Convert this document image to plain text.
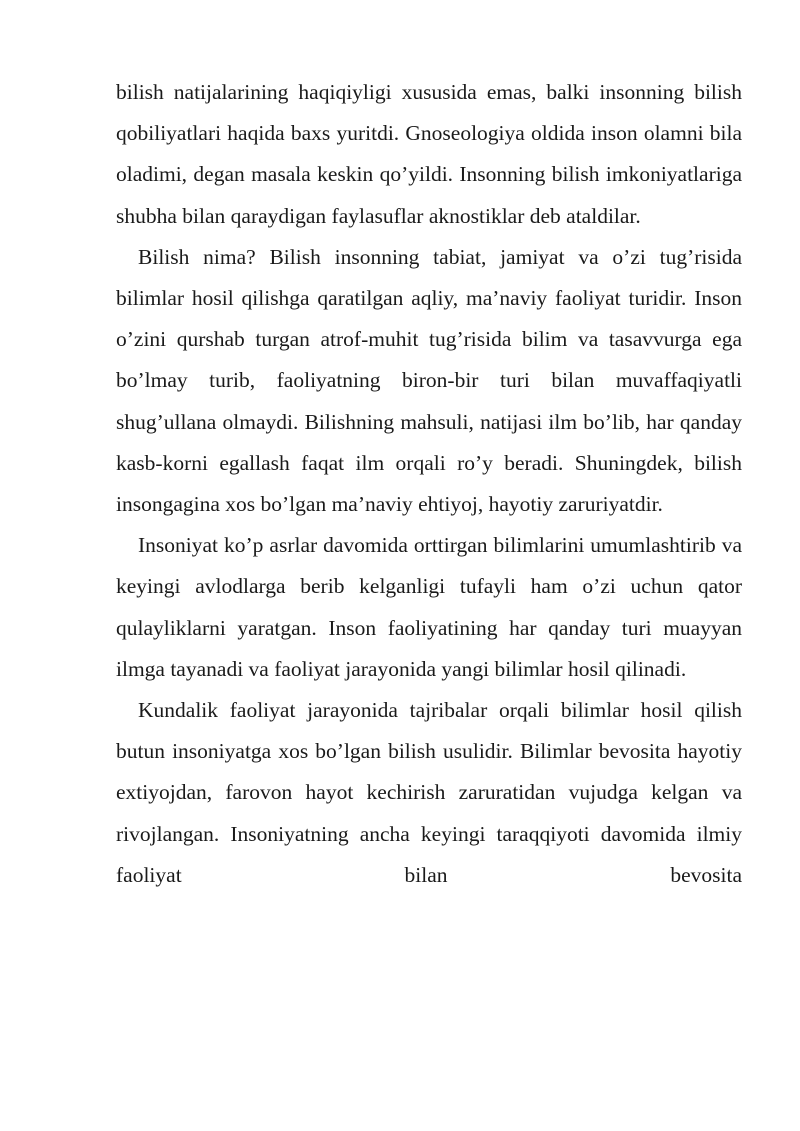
bilish natijalarining haqiqiyligi xususida emas, balki insonning bilish qobiliyatlari haqida baxs yuritdi. Gnoseologiya oldida inson olamni bila oladimi, degan masala keskin qo’yildi. Insonning bilish imkoniyatlariga shubha bilan qaraydigan faylasuflar aknostiklar deb ataldilar.

Bilish nima? Bilish insonning tabiat, jamiyat va o’zi tug’risida bilimlar hosil qilishga qaratilgan aqliy, ma’naviy faoliyat turidir. Inson o’zini qurshab turgan atrof-muhit tug’risida bilim va tasavvurga ega bo’lmay turib, faoliyatning biron-bir turi bilan muvaffaqiyatli shug’ullana olmaydi. Bilishning mahsuli, natijasi ilm bo’lib, har qanday kasb-korni egallash faqat ilm orqali ro’y beradi. Shuningdek, bilish insongagina xos bo’lgan ma’naviy ehtiyoj, hayotiy zaruriyatdir.

Insoniyat ko’p asrlar davomida orttirgan bilimlarini umumlashtirib va keyingi avlodlarga berib kelganligi tufayli ham o’zi uchun qator qulayliklarni yaratgan. Inson faoliyatining har qanday turi muayyan ilmga tayanadi va faoliyat jarayonida yangi bilimlar hosil qilinadi.

Kundalik faoliyat jarayonida tajribalar orqali bilimlar hosil qilish butun insoniyatga xos bo’lgan bilish usulidir. Bilimlar bevosita hayotiy extiyojdan, farovon hayot kechirish zaruratidan vujudga kelgan va rivojlangan. Insoniyatning ancha keyingi taraqqiyoti davomida ilmiy faoliyat bilan bevosita
